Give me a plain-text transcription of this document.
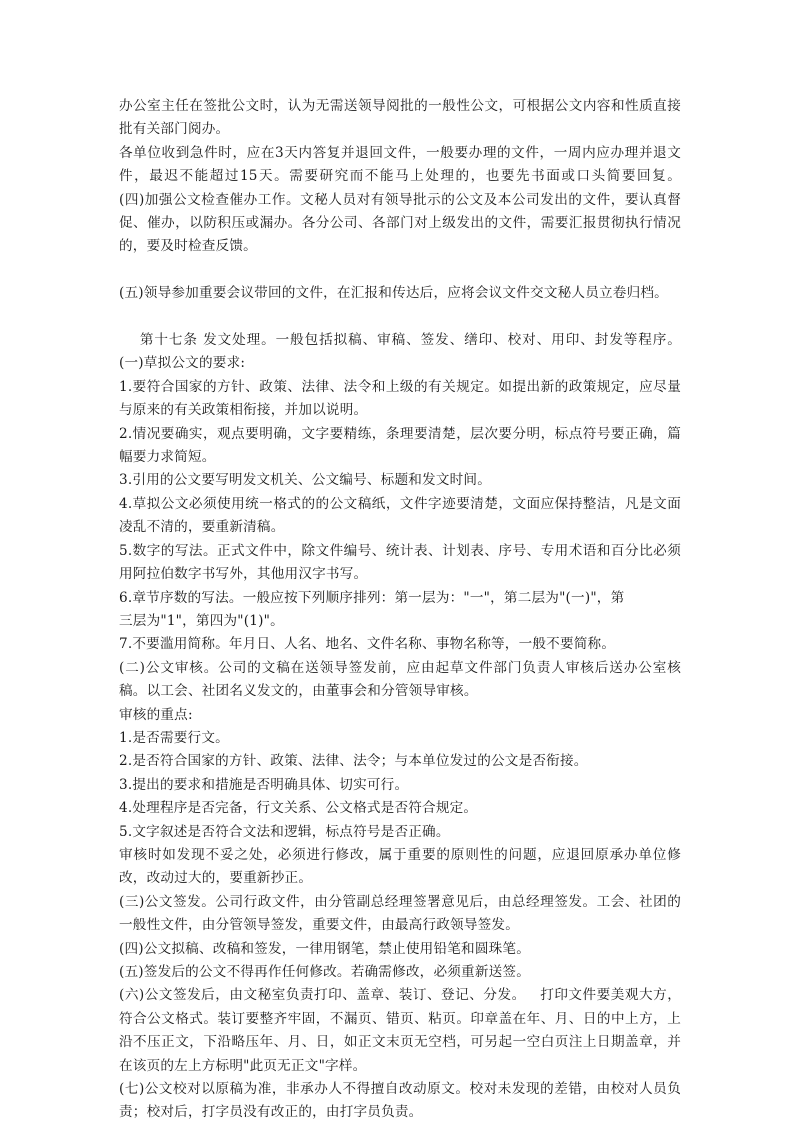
办公室主任在签批公文时，认为无需送领导阅批的一般性公文，可根据公文内容和性质直接批有关部门阅办。

各单位收到急件时，应在3天内答复并退回文件，一般要办理的文件，一周内应办理并退文件，最迟不能超过15天。需要研究而不能马上处理的，也要先书面或口头简要回复。      (四)加强公文检查催办工作。文秘人员对有领导批示的公文及本公司发出的文件，要认真督促、催办，以防积压或漏办。各分公司、各部门对上级发出的文件，需要汇报贯彻执行情况的，要及时检查反馈。

(五)领导参加重要会议带回的文件，在汇报和传达后，应将会议文件交文秘人员立卷归档。

第十七条 发文处理。一般包括拟稿、审稿、签发、缮印、校对、用印、封发等程序。    (一)草拟公文的要求:

1.要符合国家的方针、政策、法律、法令和上级的有关规定。如提出新的政策规定，应尽量与原来的有关政策相衔接，并加以说明。

2.情况要确实，观点要明确，文字要精练，条理要清楚，层次要分明，标点符号要正确，篇幅要力求简短。

3.引用的公文要写明发文机关、公文编号、标题和发文时间。

4.草拟公文必须使用统一格式的的公文稿纸，文件字迹要清楚，文面应保持整洁，凡是文面凌乱不清的，要重新清稿。

5.数字的写法。正式文件中，除文件编号、统计表、计划表、序号、专用术语和百分比必须用阿拉伯数字书写外，其他用汉字书写。

6.章节序数的写法。一般应按下列顺序排列：第一层为："一"，第二层为"(一)"，第

三层为"1"，第四为"(1)"。

7.不要滥用简称。年月日、人名、地名、文件名称、事物名称等，一般不要简称。

(二)公文审核。公司的文稿在送领导签发前，应由起草文件部门负责人审核后送办公室核稿。以工会、社团名义发文的，由董事会和分管领导审核。

审核的重点:

1.是否需要行文。

2.是否符合国家的方针、政策、法律、法令；与本单位发过的公文是否衔接。

3.提出的要求和措施是否明确具体、切实可行。

4.处理程序是否完备，行文关系、公文格式是否符合规定。

5.文字叙述是否符合文法和逻辑，标点符号是否正确。

审核时如发现不妥之处，必须进行修改，属于重要的原则性的问题，应退回原承办单位修改，改动过大的，要重新抄正。

(三)公文签发。公司行政文件，由分管副总经理签署意见后，由总经理签发。工会、社团的一般性文件，由分管领导签发，重要文件，由最高行政领导签发。

(四)公文拟稿、改稿和签发，一律用钢笔，禁止使用铅笔和圆珠笔。

(五)签发后的公文不得再作任何修改。若确需修改，必须重新送签。

(六)公文签发后，由文秘室负责打印、盖章、装订、登记、分发。   打印文件要美观大方，符合公文格式。装订要整齐牢固，不漏页、错页、粘页。印章盖在年、月、日的中上方，上沿不压正文，下沿略压年、月、日，如正文末页无空档，可另起一空白页注上日期盖章，并在该页的左上方标明"此页无正文"字样。

(七)公文校对以原稿为准，非承办人不得擅自改动原文。校对未发现的差错，由校对人员负责；校对后，打字员没有改正的，由打字员负责。
